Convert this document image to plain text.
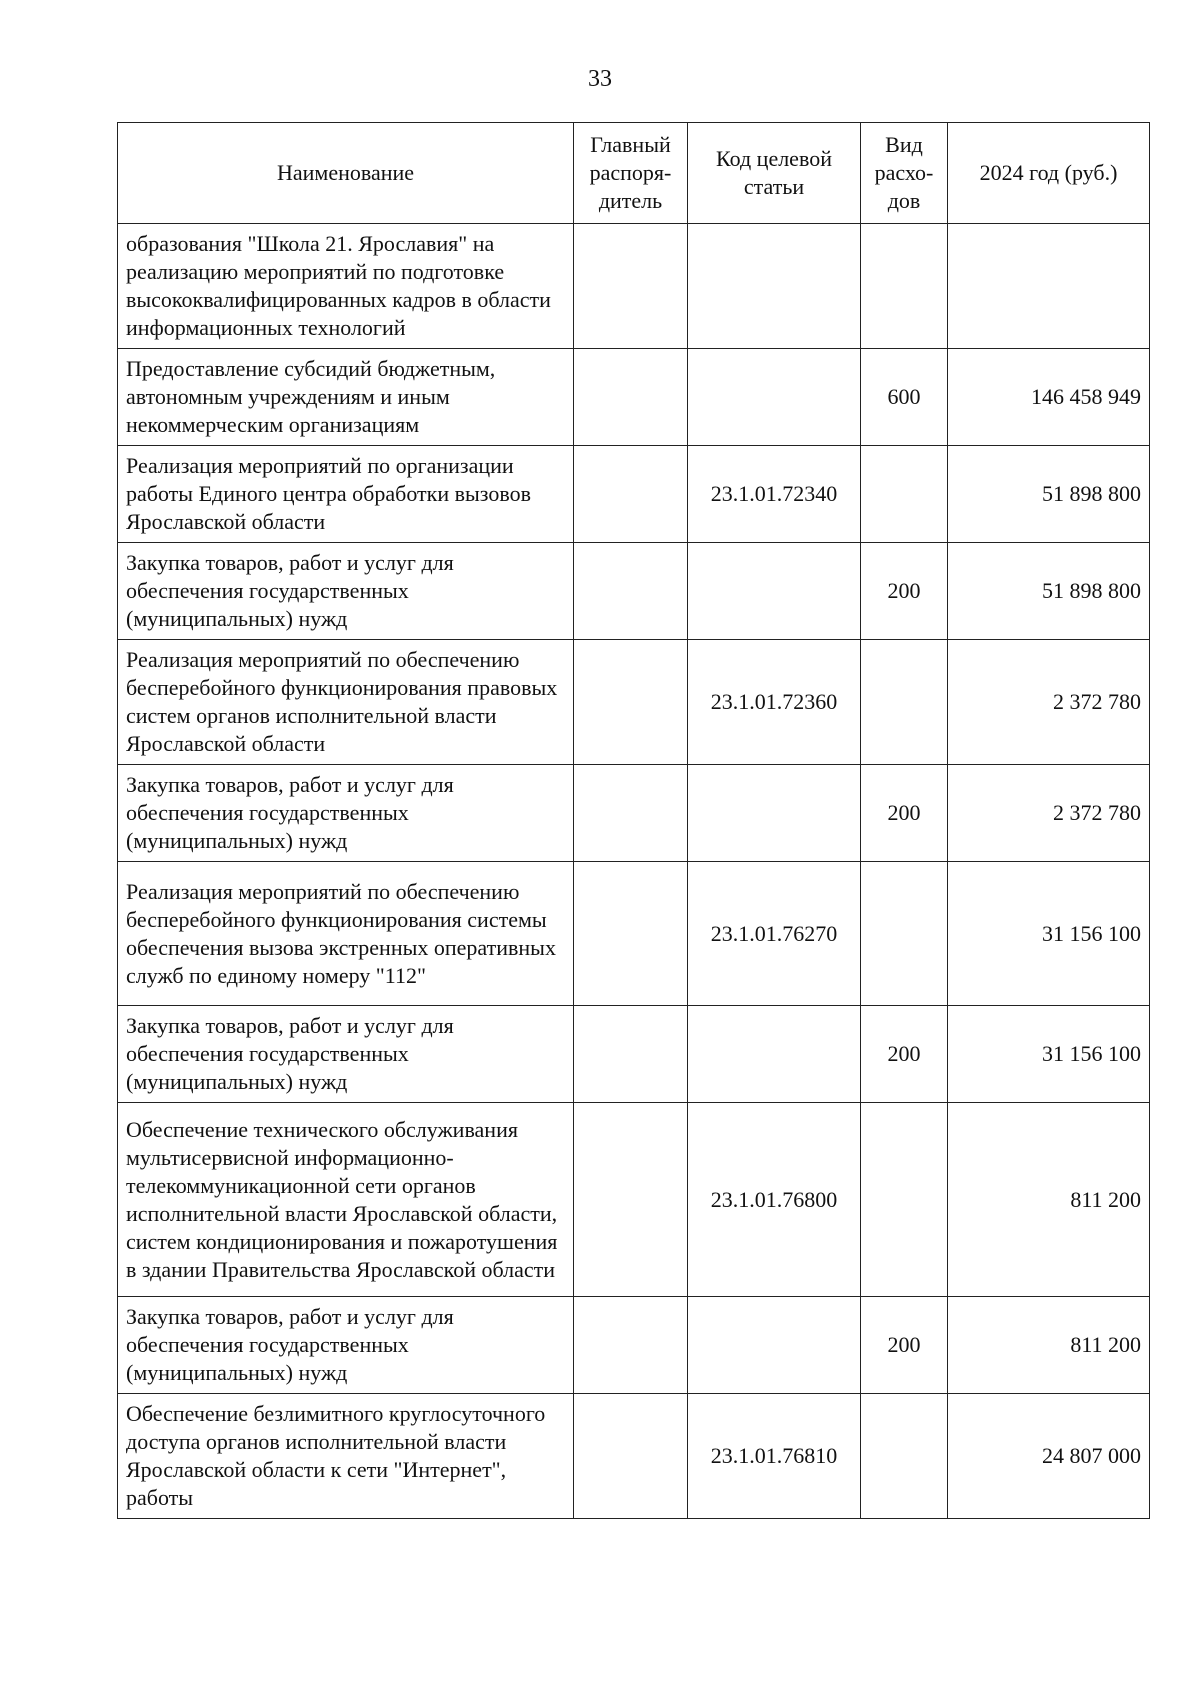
33
Наименование	Главный распоря-дитель	Код целевой статьи	Вид расхо-дов	2024 год (руб.)
образования "Школа 21. Ярославия" на реализацию мероприятий по подготовке высококвалифицированных кадров в области информационных технологий				
Предоставление субсидий бюджетным, автономным учреждениям и иным некоммерческим организациям			600	146 458 949
Реализация мероприятий по организации работы Единого центра обработки вызовов Ярославской области		23.1.01.72340		51 898 800
Закупка товаров, работ и услуг для обеспечения государственных (муниципальных) нужд			200	51 898 800
Реализация мероприятий по обеспечению бесперебойного функционирования правовых систем органов исполнительной власти Ярославской области		23.1.01.72360		2 372 780
Закупка товаров, работ и услуг для обеспечения государственных (муниципальных) нужд			200	2 372 780
Реализация мероприятий по обеспечению бесперебойного функционирования системы обеспечения вызова экстренных оперативных служб по единому номеру "112"		23.1.01.76270		31 156 100
Закупка товаров, работ и услуг для обеспечения государственных (муниципальных) нужд			200	31 156 100
Обеспечение технического обслуживания мультисервисной информационно-телекоммуникационной сети органов исполнительной власти Ярославской области, систем кондиционирования и пожаротушения в здании Правительства Ярославской области		23.1.01.76800		811 200
Закупка товаров, работ и услуг для обеспечения государственных (муниципальных) нужд			200	811 200
Обеспечение безлимитного круглосуточного доступа органов исполнительной власти Ярославской области к сети "Интернет", работы		23.1.01.76810		24 807 000
